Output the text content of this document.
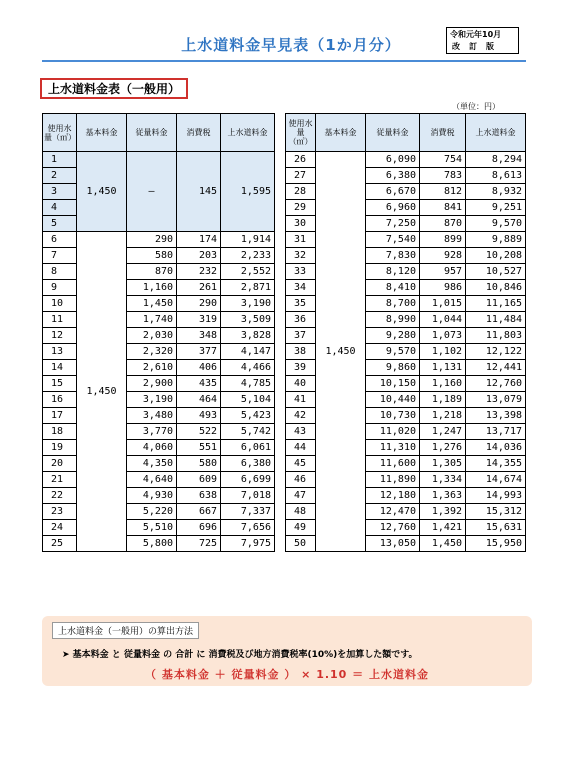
上水道料金早見表（1か月分）
令和元年10月
改訂版
上水道料金表（一般用）
（単位：円）
使用水量（㎥）	基本料金	従量料金	消費税	上水道料金
1	1,450	—	145	1,595
2				
3				
4				
5				
6	1,450	290	174	1,914
7		580	203	2,233
8		870	232	2,552
9		1,160	261	2,871
10		1,450	290	3,190
11		1,740	319	3,509
12		2,030	348	3,828
13		2,320	377	4,147
14		2,610	406	4,466
15		2,900	435	4,785
16		3,190	464	5,104
17		3,480	493	5,423
18		3,770	522	5,742
19		4,060	551	6,061
20		4,350	580	6,380
21		4,640	609	6,699
22		4,930	638	7,018
23		5,220	667	7,337
24		5,510	696	7,656
25		5,800	725	7,975
使用水量（㎥）	基本料金	従量料金	消費税	上水道料金
26	1,450	6,090	754	8,294
27		6,380	783	8,613
28		6,670	812	8,932
29		6,960	841	9,251
30		7,250	870	9,570
31		7,540	899	9,889
32		7,830	928	10,208
33		8,120	957	10,527
34		8,410	986	10,846
35		8,700	1,015	11,165
36		8,990	1,044	11,484
37		9,280	1,073	11,803
38		9,570	1,102	12,122
39		9,860	1,131	12,441
40		10,150	1,160	12,760
41		10,440	1,189	13,079
42		10,730	1,218	13,398
43		11,020	1,247	13,717
44		11,310	1,276	14,036
45		11,600	1,305	14,355
46		11,890	1,334	14,674
47		12,180	1,363	14,993
48		12,470	1,392	15,312
49		12,760	1,421	15,631
50		13,050	1,450	15,950
上水道料金（一般用）の算出方法
➤ 基本料金 と 従量料金 の 合計 に 消費税及び地方消費税率(10%)を加算した額です。
（ 基本料金 ＋ 従量料金 ） × 1.10 ＝ 上水道料金
